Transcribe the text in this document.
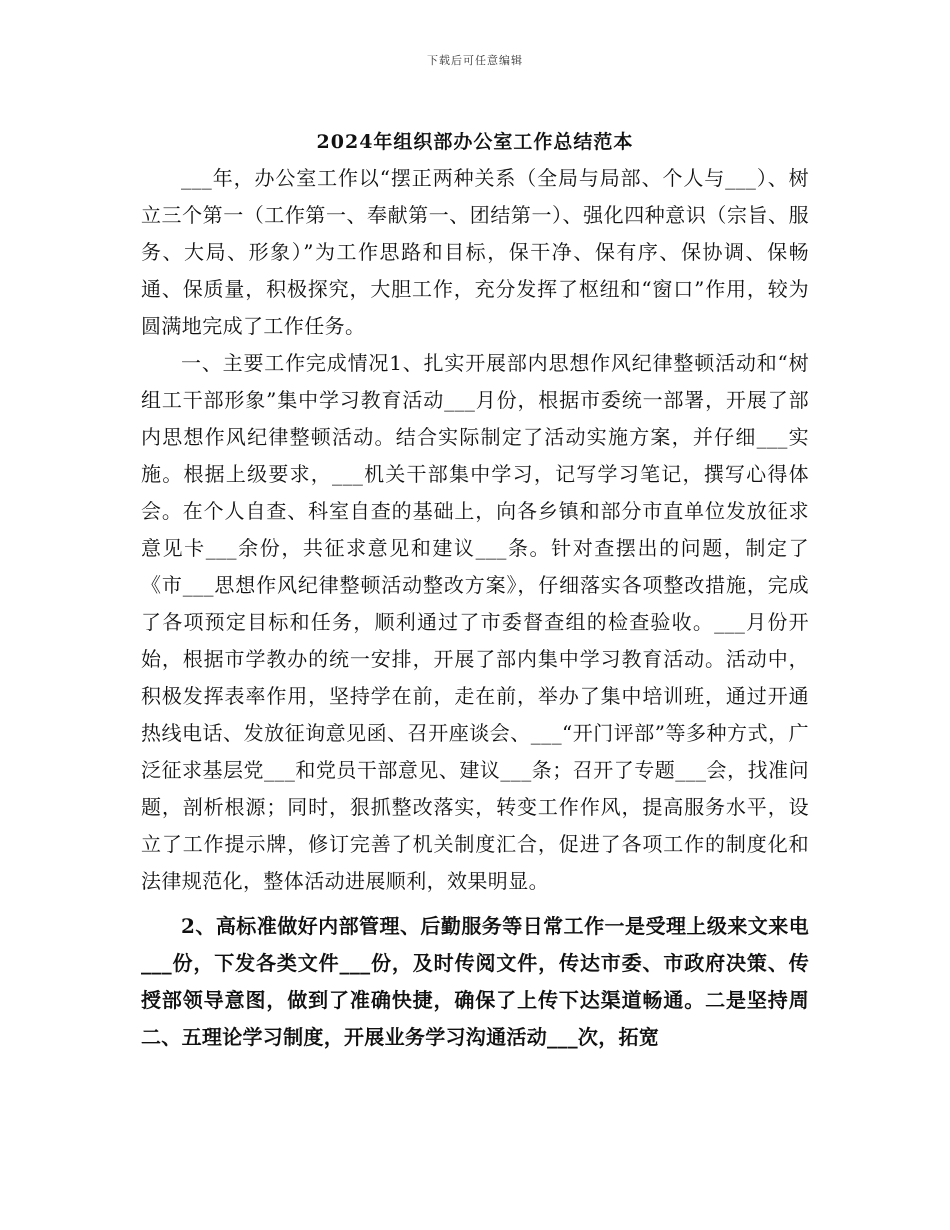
下载后可任意编辑
2024年组织部办公室工作总结范本

___年，办公室工作以“摆正两种关系（全局与局部、个人与___）、树立三个第一（工作第一、奉献第一、团结第一）、强化四种意识（宗旨、服务、大局、形象）”为工作思路和目标，保干净、保有序、保协调、保畅通、保质量，积极探究，大胆工作，充分发挥了枢纽和“窗口”作用，较为圆满地完成了工作任务。

一、主要工作完成情况1、扎实开展部内思想作风纪律整顿活动和“树组工干部形象”集中学习教育活动___月份，根据市委统一部署，开展了部内思想作风纪律整顿活动。结合实际制定了活动实施方案，并仔细___实施。根据上级要求，___机关干部集中学习，记写学习笔记，撰写心得体会。在个人自查、科室自查的基础上，向各乡镇和部分市直单位发放征求意见卡___余份，共征求意见和建议___条。针对查摆出的问题，制定了《市___思想作风纪律整顿活动整改方案》，仔细落实各项整改措施，完成了各项预定目标和任务，顺利通过了市委督查组的检查验收。___月份开始，根据市学教办的统一安排，开展了部内集中学习教育活动。活动中，积极发挥表率作用，坚持学在前，走在前，举办了集中培训班，通过开通热线电话、发放征询意见函、召开座谈会、___“开门评部”等多种方式，广泛征求基层党___和党员干部意见、建议___条；召开了专题___会，找准问题，剖析根源；同时，狠抓整改落实，转变工作作风，提高服务水平，设立了工作提示牌，修订完善了机关制度汇合，促进了各项工作的制度化和法律规范化，整体活动进展顺利，效果明显。

2、高标准做好内部管理、后勤服务等日常工作一是受理上级来文来电___份，下发各类文件___份，及时传阅文件，传达市委、市政府决策、传授部领导意图，做到了准确快捷，确保了上传下达渠道畅通。二是坚持周二、五理论学习制度，开展业务学习沟通活动___次，拓宽
